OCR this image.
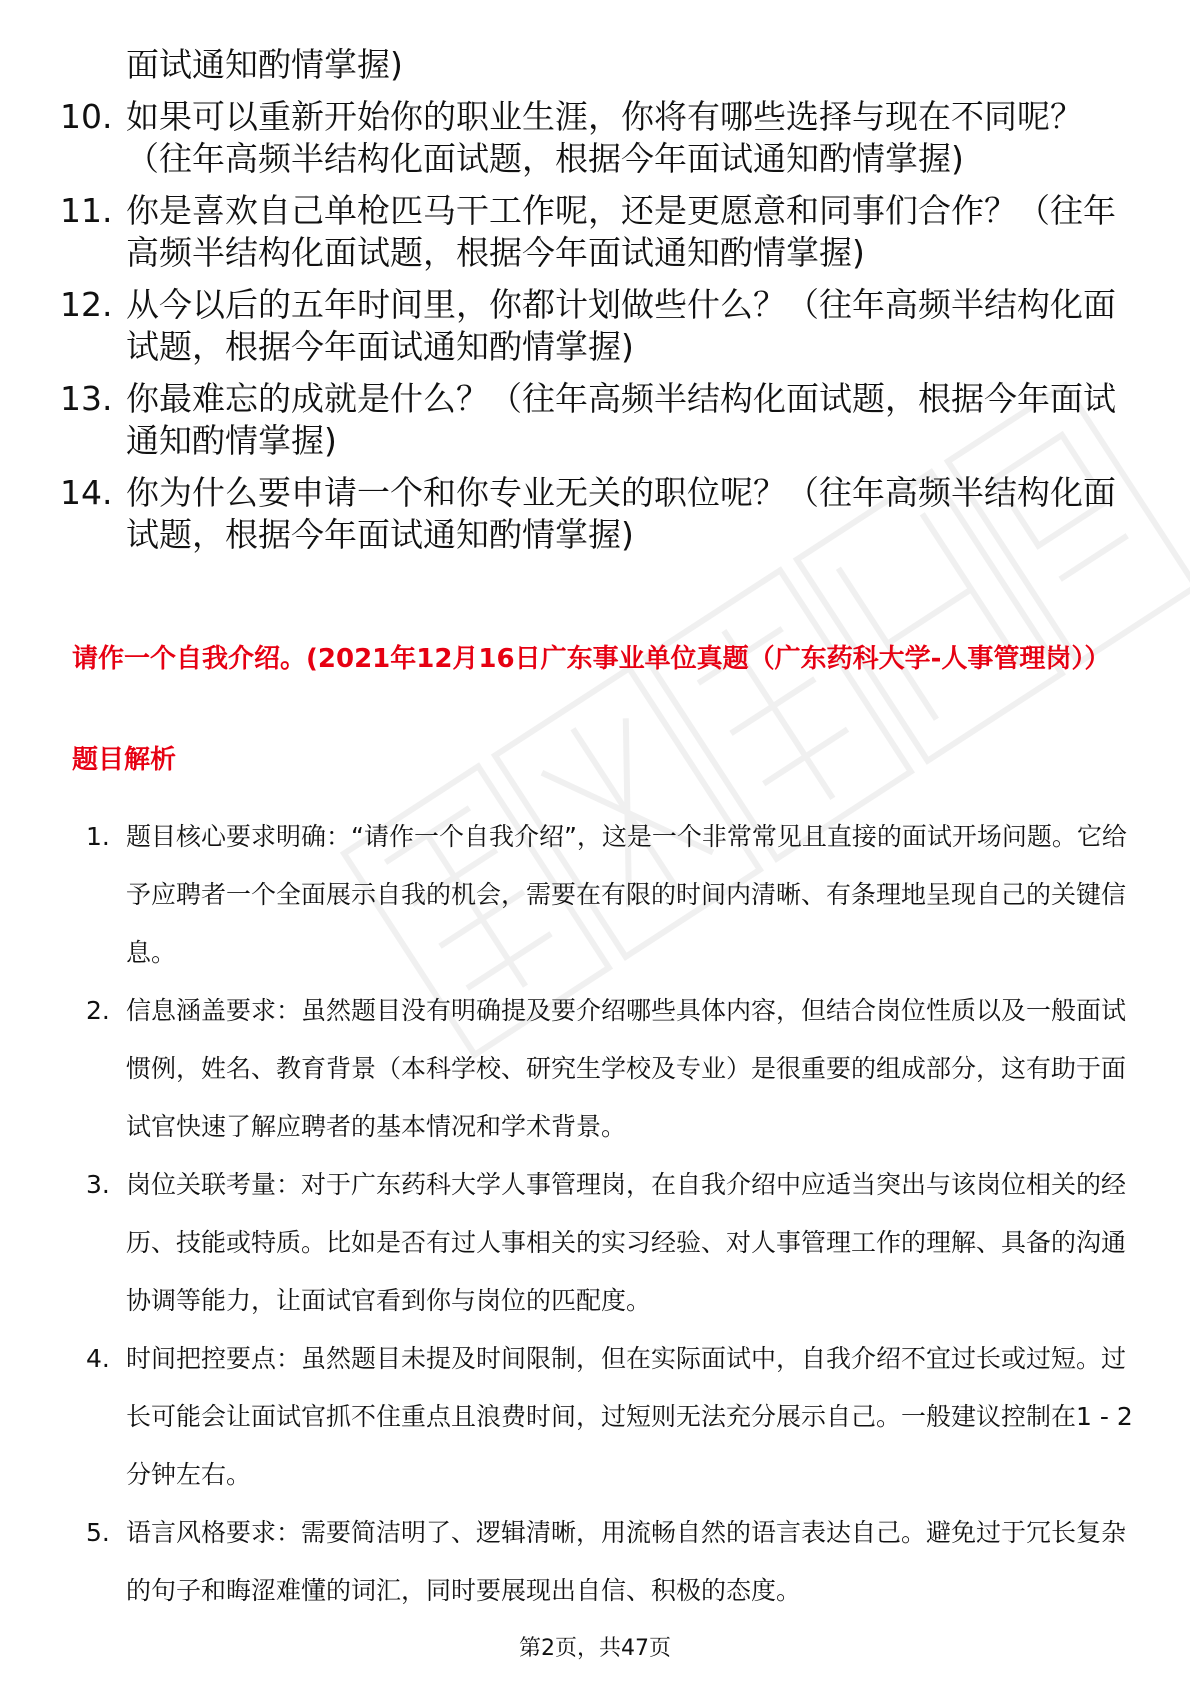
面试通知酌情掌握)
10. 如果可以重新开始你的职业生涯，你将有哪些选择与现在不同呢？（往年高频半结构化面试题，根据今年面试通知酌情掌握)
11. 你是喜欢自己单枪匹马干工作呢，还是更愿意和同事们合作？（往年高频半结构化面试题，根据今年面试通知酌情掌握)
12. 从今以后的五年时间里，你都计划做些什么？（往年高频半结构化面试题，根据今年面试通知酌情掌握)
13. 你最难忘的成就是什么？（往年高频半结构化面试题，根据今年面试通知酌情掌握)
14. 你为什么要申请一个和你专业无关的职位呢？（往年高频半结构化面试题，根据今年面试通知酌情掌握)
请作一个自我介绍。(2021年12月16日广东事业单位真题（广东药科大学-人事管理岗））
题目解析
1. 题目核心要求明确：“请作一个自我介绍”，这是一个非常常见且直接的面试开场问题。它给予应聘者一个全面展示自我的机会，需要在有限的时间内清晰、有条理地呈现自己的关键信息。
2. 信息涵盖要求：虽然题目没有明确提及要介绍哪些具体内容，但结合岗位性质以及一般面试惯例，姓名、教育背景（本科学校、研究生学校及专业）是很重要的组成部分，这有助于面试官快速了解应聘者的基本情况和学术背景。
3. 岗位关联考量：对于广东药科大学人事管理岗，在自我介绍中应适当突出与该岗位相关的经历、技能或特质。比如是否有过人事相关的实习经验、对人事管理工作的理解、具备的沟通协调等能力，让面试官看到你与岗位的匹配度。
4. 时间把控要点：虽然题目未提及时间限制，但在实际面试中，自我介绍不宜过长或过短。过长可能会让面试官抓不住重点且浪费时间，过短则无法充分展示自己。一般建议控制在1 - 2分钟左右。
5. 语言风格要求：需要简洁明了、逻辑清晰，用流畅自然的语言表达自己。避免过于冗长复杂的句子和晦涩难懂的词汇，同时要展现出自信、积极的态度。
第2页，共47页
